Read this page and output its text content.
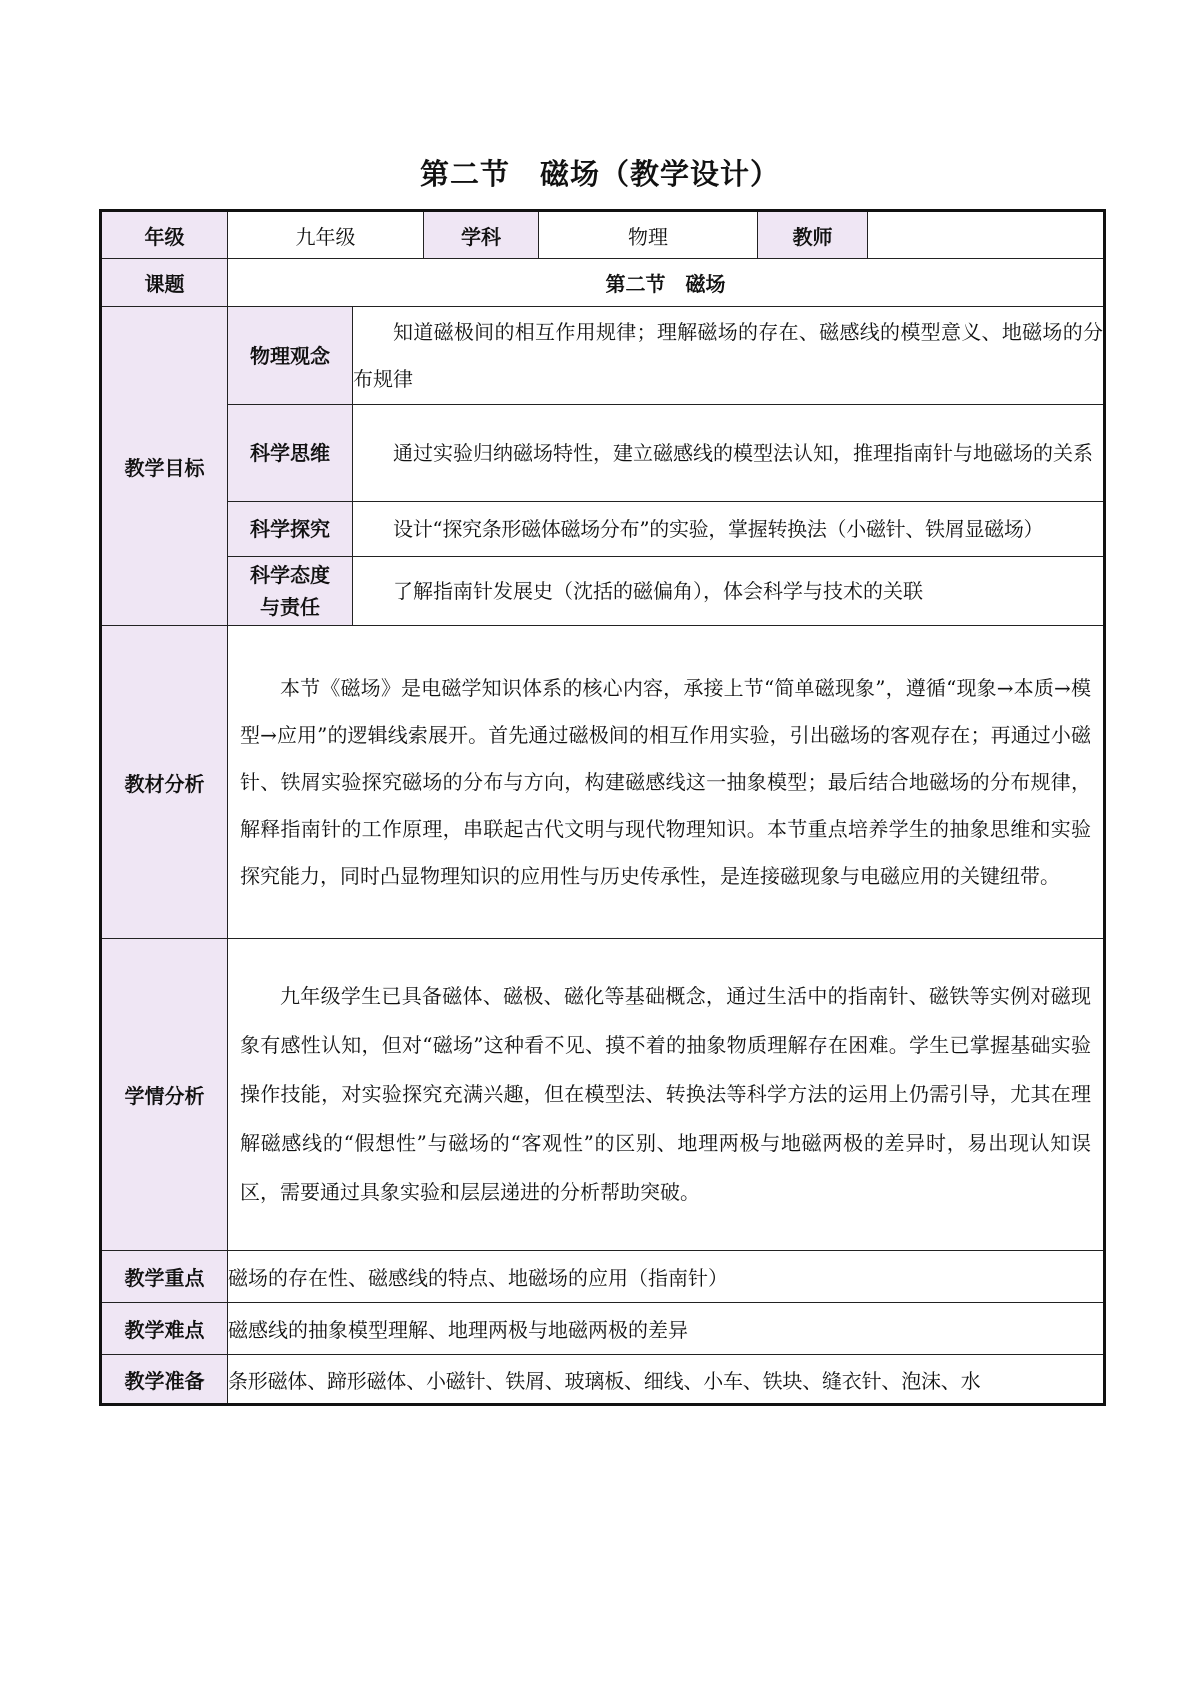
第二节　磁场（教学设计）
年级	九年级		学科	物理	教师	
课题	第二节　磁场					
教学目标	物理观念	知道磁极间的相互作用规律；理解磁场的存在、磁感线的模型意义、地磁场的分布规律				
	科学思维	通过实验归纳磁场特性，建立磁感线的模型法认知，推理指南针与地磁场的关系				
	科学探究	设计“探究条形磁体磁场分布”的实验，掌握转换法（小磁针、铁屑显磁场）				
	科学态度与责任	了解指南针发展史（沈括的磁偏角），体会科学与技术的关联				
教材分析	本节《磁场》是电磁学知识体系的核心内容，承接上节“简单磁现象”，遵循“现象→本质→模型→应用”的逻辑线索展开。首先通过磁极间的相互作用实验，引出磁场的客观存在；再通过小磁针、铁屑实验探究磁场的分布与方向，构建磁感线这一抽象模型；最后结合地磁场的分布规律，解释指南针的工作原理，串联起古代文明与现代物理知识。本节重点培养学生的抽象思维和实验探究能力，同时凸显物理知识的应用性与历史传承性，是连接磁现象与电磁应用的关键纽带。					
学情分析	九年级学生已具备磁体、磁极、磁化等基础概念，通过生活中的指南针、磁铁等实例对磁现象有感性认知，但对“磁场”这种看不见、摸不着的抽象物质理解存在困难。学生已掌握基础实验操作技能，对实验探究充满兴趣，但在模型法、转换法等科学方法的运用上仍需引导，尤其在理解磁感线的“假想性”与磁场的“客观性”的区别、地理两极与地磁两极的差异时，易出现认知误区，需要通过具象实验和层层递进的分析帮助突破。					
教学重点	磁场的存在性、磁感线的特点、地磁场的应用（指南针）					
教学难点	磁感线的抽象模型理解、地理两极与地磁两极的差异					
教学准备	条形磁体、蹄形磁体、小磁针、铁屑、玻璃板、细线、小车、铁块、缝衣针、泡沫、水					
